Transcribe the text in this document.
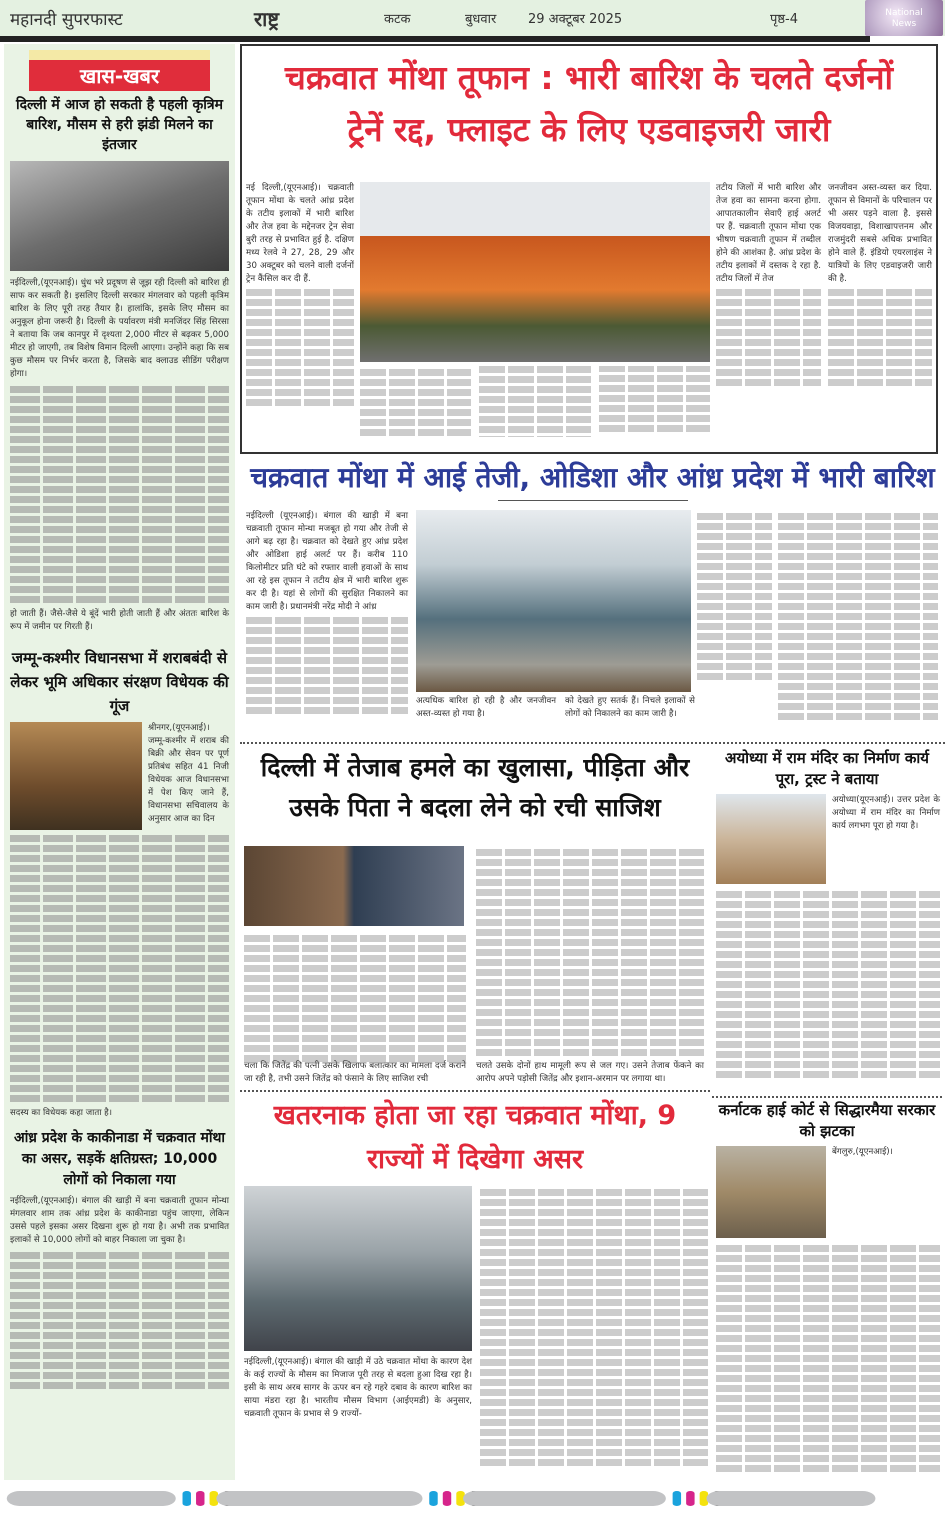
महानदी सुपरफास्ट	राष्ट्र	कटक	बुधवार 29 अक्टूबर 2025	पृष्ठ-4	National
News
खास-खबर
दिल्ली में आज हो सकती है पहली कृत्रिम बारिश, मौसम से हरी झंडी मिलने का इंतजार
नईदिल्ली,(यूएनआई)। धुंध भरे प्रदूषण से जूझ रही दिल्ली को बारिश ही साफ कर सकती है। इसलिए दिल्ली सरकार मंगलवार को पहली कृत्रिम बारिश के लिए पूरी तरह तैयार है। हालांकि, इसके लिए मौसम का अनुकूल होना जरूरी है। दिल्ली के पर्यावरण मंत्री मनजिंदर सिंह सिरसा ने बताया कि जब कानपुर में दृश्यता 2,000 मीटर से बढ़कर 5,000 मीटर हो जाएगी, तब विशेष विमान दिल्ली आएगा। उन्होंने कहा कि सब कुछ मौसम पर निर्भर करता है, जिसके बाद क्लाउड सीडिंग परीक्षण होगा।
हो जाती हैं। जैसे-जैसे ये बूंदें भारी होती जाती हैं और अंततः बारिश के रूप में जमीन पर गिरती हैं।
जम्मू-कश्मीर विधानसभा में शराबबंदी से लेकर भूमि अधिकार संरक्षण विधेयक की गूंज
श्रीनगर,(यूएनआई)। जम्मू-कश्मीर में शराब की बिक्री और सेवन पर पूर्ण प्रतिबंध सहित 41 निजी विधेयक आज विधानसभा में पेश किए जाने हैं, विधानसभा सचिवालय के अनुसार आज का दिन
सदस्य का विधेयक कहा जाता है।
आंध्र प्रदेश के काकीनाडा में चक्रवात मोंथा का असर, सड़कें क्षतिग्रस्त; 10,000 लोगों को निकाला गया
नईदिल्ली,(यूएनआई)। बंगाल की खाड़ी में बना चक्रवाती तूफान मोन्था मंगलवार शाम तक आंध्र प्रदेश के काकीनाडा पहुंच जाएगा, लेकिन उससे पहले इसका असर दिखना शुरू हो गया है। अभी तक प्रभावित इलाकों से 10,000 लोगों को बाहर निकाला जा चुका है।
चक्रवात मोंथा तूफान : भारी बारिश के चलते दर्जनों
ट्रेनें रद्द, फ्लाइट के लिए एडवाइजरी जारी
नई दिल्ली,(यूएनआई)। चक्रवाती तूफान मोंथा के चलते आंध्र प्रदेश के तटीय इलाकों में भारी बारिश और तेज हवा के मद्देनजर ट्रेन सेवा बुरी तरह से प्रभावित हुई है. दक्षिण मध्य रेलवे ने 27, 28, 29 और 30 अक्टूबर को चलने वाली दर्जनों ट्रेन कैंसिल कर दी हैं.
तटीय जिलों में भारी बारिश और तेज हवा का सामना करना होगा. आपातकालीन सेवाएँ हाई अलर्ट पर हैं. चक्रवाती तूफान मोंथा एक भीषण चक्रवाती तूफान में तब्दील होने की आशंका है. आंध्र प्रदेश के तटीय इलाकों में दस्तक दे रहा है. तटीय जिलों में तेज
जनजीवन अस्त-व्यस्त कर दिया. तूफान से विमानों के परिचालन पर भी असर पड़ने वाला है. इससे विजयवाड़ा, विशाखापत्तनम और राजमुंदरी सबसे अधिक प्रभावित होने वाले हैं. इंडियो एयरलाइंस ने यात्रियों के लिए एडवाइजरी जारी की है.
चक्रवात मोंथा में आई तेजी, ओडिशा और आंध्र प्रदेश में भारी बारिश
नईदिल्ली (यूएनआई)। बंगाल की खाड़ी में बना चक्रवाती तूफान मोन्था मजबूत हो गया और तेजी से आगे बढ़ रहा है। चक्रवात को देखते हुए आंध्र प्रदेश और ओडिशा हाई अलर्ट पर हैं। करीब 110 किलोमीटर प्रति घंटे को रफ्तार वाली हवाओं के साथ आ रहे इस तूफान ने तटीय क्षेत्र में भारी बारिश शुरू कर दी है। यहां से लोगों की सुरक्षित निकालने का काम जारी है। प्रधानमंत्री नरेंद्र मोदी ने आंध्र
अत्यधिक बारिश हो रही है और जनजीवन अस्त-व्यस्त हो गया है।
को देखते हुए सतर्क हैं। निचले इलाकों से लोगों को निकालने का काम जारी है।
दिल्ली में तेजाब हमले का खुलासा, पीड़िता और
उसके पिता ने बदला लेने को रची साजिश
चला कि जितेंद्र की पत्नी उसके खिलाफ बलात्कार का मामला दर्ज कराने जा रही है, तभी उसने जितेंद्र को फंसाने के लिए साजिश रची
चलते उसके दोनों हाथ मामूली रूप से जल गए। उसने तेजाब फेंकने का आरोप अपने पड़ोसी जितेंद्र और इशान-अरमान पर लगाया था।
अयोध्या में राम मंदिर का निर्माण कार्य पूरा, ट्रस्ट ने बताया
अयोध्या(यूएनआई)। उत्तर प्रदेश के अयोध्या में राम मंदिर का निर्माण कार्य लगभग पूरा हो गया है।
खतरनाक होता जा रहा चक्रवात मोंथा, 9
राज्यों में दिखेगा असर
नईदिल्ली,(यूएनआई)। बंगाल की खाड़ी में उठे चक्रवात मोंथा के कारण देश के कई राज्यों के मौसम का मिजाज पूरी तरह से बदला हुआ दिख रहा है। इसी के साथ अरब सागर के ऊपर बन रहे गहरे दबाव के कारण बारिश का साया मंडरा रहा है। भारतीय मौसम विभाग (आईएमडी) के अनुसार, चक्रवाती तूफान के प्रभाव से 9 राज्यों-
कर्नाटक हाई कोर्ट से सिद्धारमैया सरकार को झटका
बेंगलुरु,(यूएनआई)।
